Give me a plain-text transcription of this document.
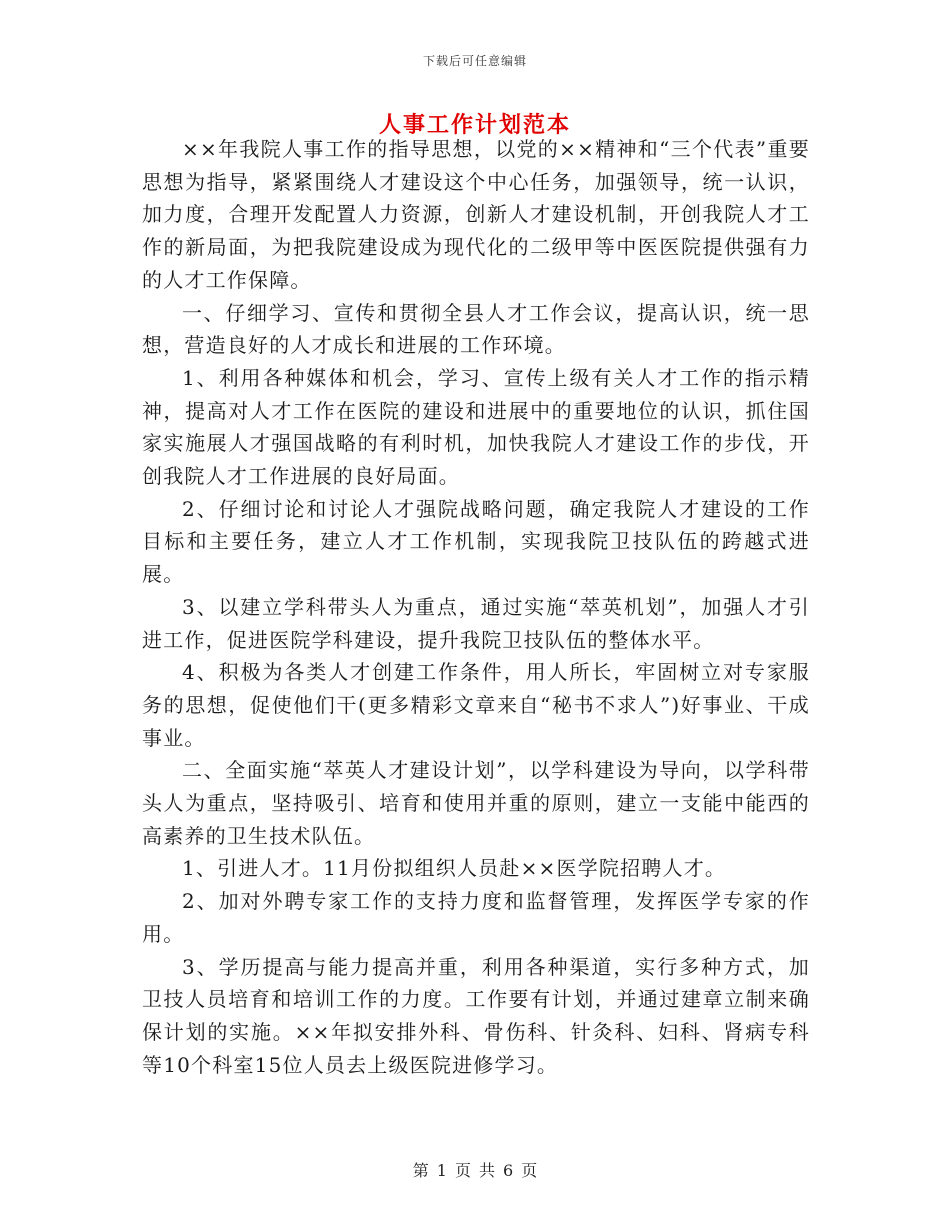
下载后可任意编辑
人事工作计划范本

××年我院人事工作的指导思想，以党的××精神和“三个代表”重要思想为指导，紧紧围绕人才建设这个中心任务，加强领导，统一认识，加力度，合理开发配置人力资源，创新人才建设机制，开创我院人才工作的新局面，为把我院建设成为现代化的二级甲等中医医院提供强有力的人才工作保障。

一、仔细学习、宣传和贯彻全县人才工作会议，提高认识，统一思想，营造良好的人才成长和进展的工作环境。

1、利用各种媒体和机会，学习、宣传上级有关人才工作的指示精神，提高对人才工作在医院的建设和进展中的重要地位的认识，抓住国家实施展人才强国战略的有利时机，加快我院人才建设工作的步伐，开创我院人才工作进展的良好局面。

2、仔细讨论和讨论人才强院战略问题，确定我院人才建设的工作目标和主要任务，建立人才工作机制，实现我院卫技队伍的跨越式进展。

3、以建立学科带头人为重点，通过实施“萃英机划”，加强人才引进工作，促进医院学科建设，提升我院卫技队伍的整体水平。

4、积极为各类人才创建工作条件，用人所长，牢固树立对专家服务的思想，促使他们干(更多精彩文章来自“秘书不求人”)好事业、干成事业。

二、全面实施“萃英人才建设计划”，以学科建设为导向，以学科带头人为重点，坚持吸引、培育和使用并重的原则，建立一支能中能西的高素养的卫生技术队伍。

1、引进人才。11月份拟组织人员赴××医学院招聘人才。

2、加对外聘专家工作的支持力度和监督管理，发挥医学专家的作用。

3、学历提高与能力提高并重，利用各种渠道，实行多种方式，加卫技人员培育和培训工作的力度。工作要有计划，并通过建章立制来确保计划的实施。××年拟安排外科、骨伤科、针灸科、妇科、肾病专科等10个科室15位人员去上级医院进修学习。

第 1 页 共 6 页
